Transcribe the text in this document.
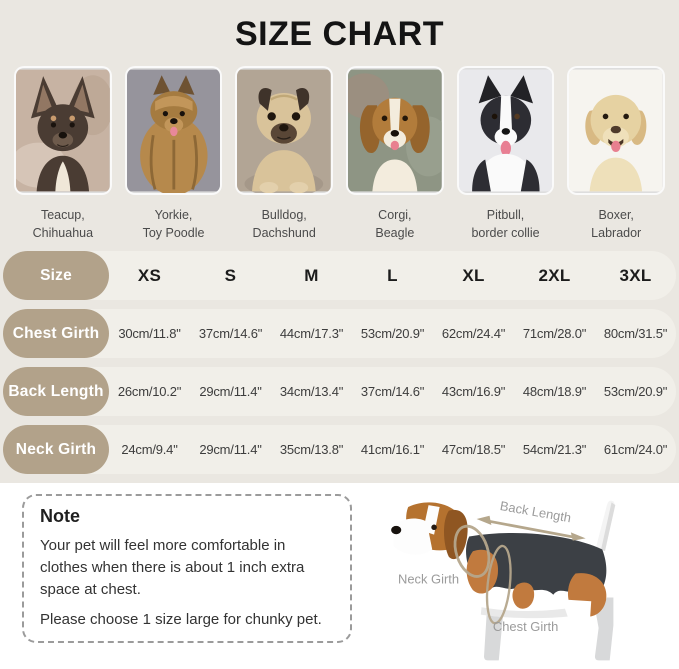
SIZE CHART
Teacup,
Chihuahua
Yorkie,
Toy Poodle
Bulldog,
Dachshund
Corgi,
Beagle
Pitbull,
border collie
Boxer,
Labrador
Size	XS	S	M	L	XL	2XL	3XL
Chest Girth	30cm/11.8"	37cm/14.6"	44cm/17.3"	53cm/20.9"	62cm/24.4"	71cm/28.0"	80cm/31.5"
Back Length	26cm/10.2"	29cm/11.4"	34cm/13.4"	37cm/14.6"	43cm/16.9"	48cm/18.9"	53cm/20.9"
Neck Girth	24cm/9.4"	29cm/11.4"	35cm/13.8"	41cm/16.1"	47cm/18.5"	54cm/21.3"	61cm/24.0"
Note

Your pet will feel more comfortable in clothes when there is about 1 inch extra space at chest.

Please choose 1 size large for chunky pet.

Back Length
Neck Girth
Chest Girth
